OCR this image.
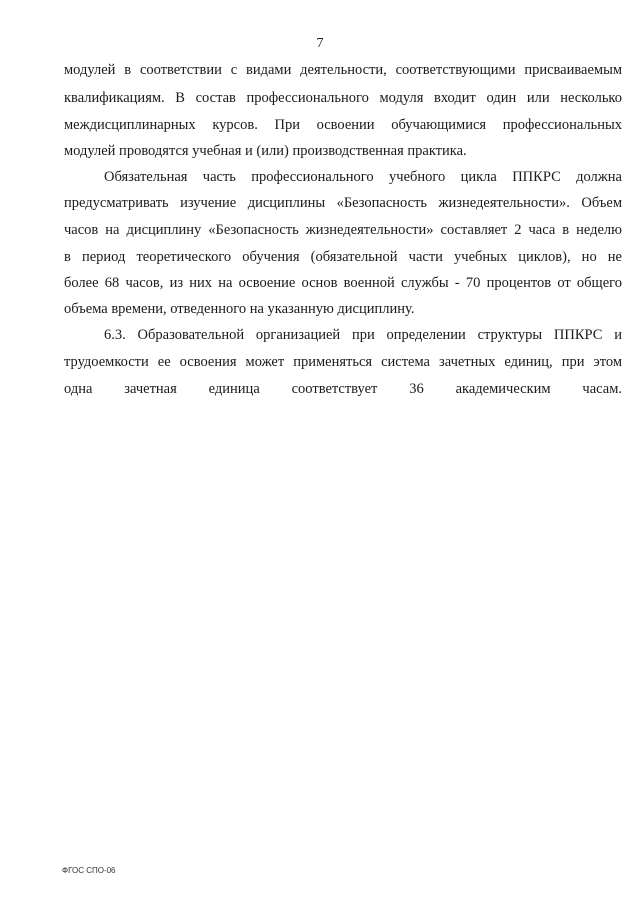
7
модулей в соответствии с видами деятельности, соответствующими присваиваемым
квалификациям. В состав профессионального модуля входит один или несколько
междисциплинарных курсов. При освоении обучающимися профессиональных
модулей проводятся учебная и (или) производственная практика.
Обязательная часть профессионального учебного цикла ППКРС должна
предусматривать изучение дисциплины «Безопасность жизнедеятельности». Объем
часов на дисциплину «Безопасность жизнедеятельности» составляет 2 часа в неделю
в период теоретического обучения (обязательной части учебных циклов), но не
более 68 часов, из них на освоение основ военной службы - 70 процентов от общего
объема времени, отведенного на указанную дисциплину.
6.3. Образовательной организацией при определении структуры ППКРС и
трудоемкости ее освоения может применяться система зачетных единиц, при этом
одна зачетная единица соответствует 36 академическим часам.
ФГОС СПО-06
